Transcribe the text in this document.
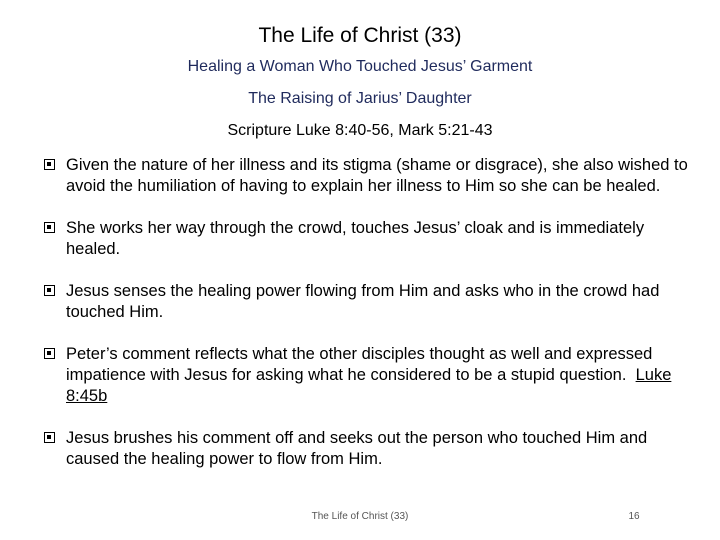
The Life of Christ (33)
Healing a Woman Who Touched Jesus’ Garment
The Raising of Jarius’ Daughter
Scripture Luke 8:40-56, Mark 5:21-43
Given the nature of her illness and its stigma (shame or disgrace), she also wished to avoid the humiliation of having to explain her illness to Him so she can be healed.
She works her way through the crowd, touches Jesus’ cloak and is immediately healed.
Jesus senses the healing power flowing from Him and asks who in the crowd had touched Him.
Peter’s comment reflects what the other disciples thought as well and expressed impatience with Jesus for asking what he considered to be a stupid question. Luke 8:45b
Jesus brushes his comment off and seeks out the person who touched Him and caused the healing power to flow from Him.
The Life of Christ (33)	16
